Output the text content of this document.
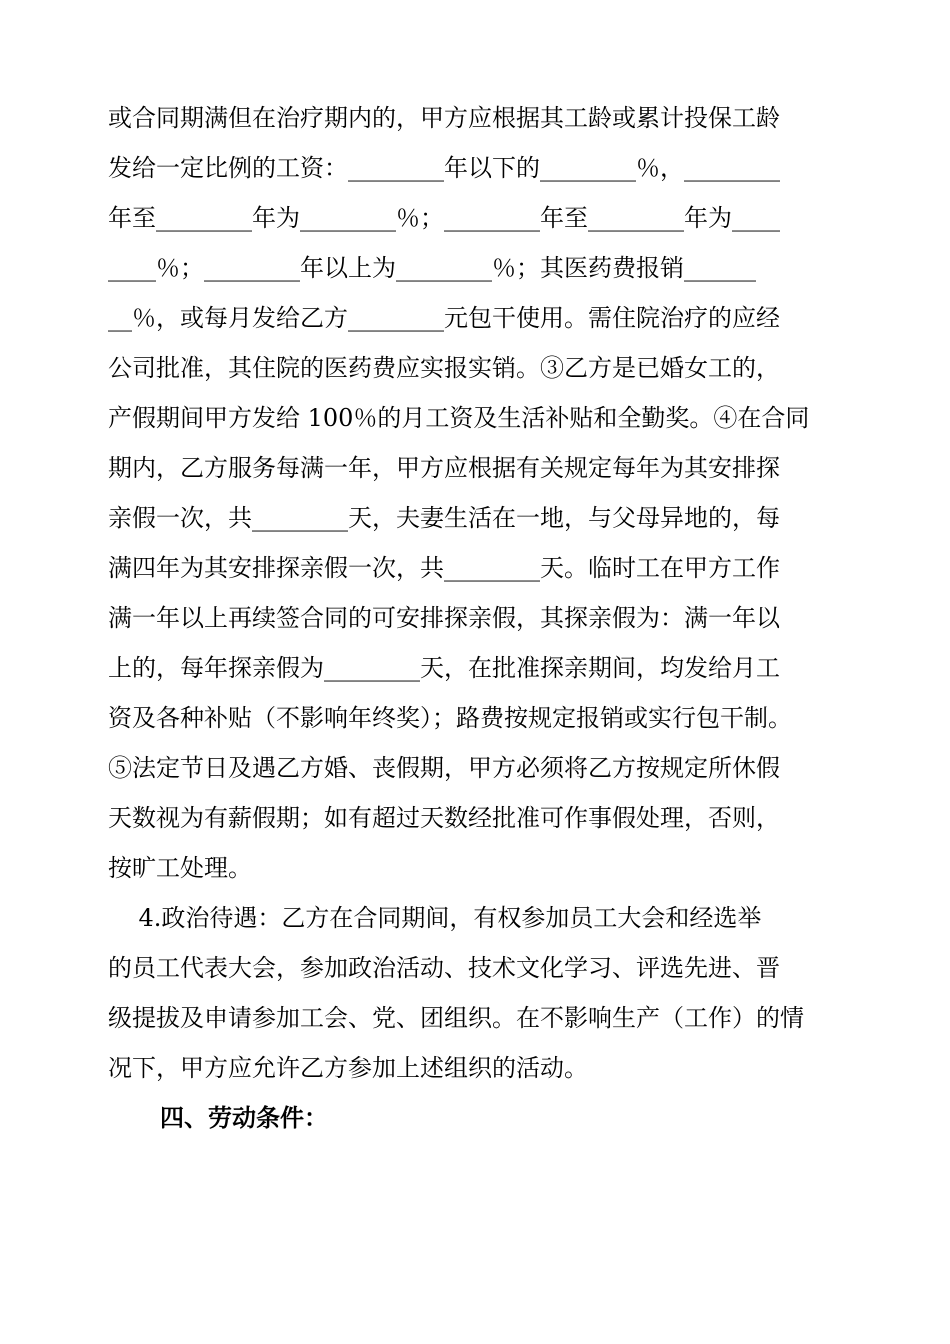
或合同期满但在治疗期内的，甲方应根据其工龄或累计投保工龄
发给一定比例的工资：________年以下的________％，________
年至________年为________％；________年至________年为____
____％；________年以上为________％；其医药费报销______
__％，或每月发给乙方________元包干使用。需住院治疗的应经
公司批准，其住院的医药费应实报实销。③乙方是已婚女工的，
产假期间甲方发给 100％的月工资及生活补贴和全勤奖。④在合同
期内，乙方服务每满一年，甲方应根据有关规定每年为其安排探
亲假一次，共________天，夫妻生活在一地，与父母异地的，每
满四年为其安排探亲假一次，共________天。临时工在甲方工作
满一年以上再续签合同的可安排探亲假，其探亲假为：满一年以
上的，每年探亲假为________天，在批准探亲期间，均发给月工
资及各种补贴（不影响年终奖）；路费按规定报销或实行包干制。
⑤法定节日及遇乙方婚、丧假期，甲方必须将乙方按规定所休假
天数视为有薪假期；如有超过天数经批准可作事假处理，否则，
按旷工处理。
4.政治待遇：乙方在合同期间，有权参加员工大会和经选举
的员工代表大会，参加政治活动、技术文化学习、评选先进、晋
级提拔及申请参加工会、党、团组织。在不影响生产（工作）的情
况下，甲方应允许乙方参加上述组织的活动。
四、劳动条件：
